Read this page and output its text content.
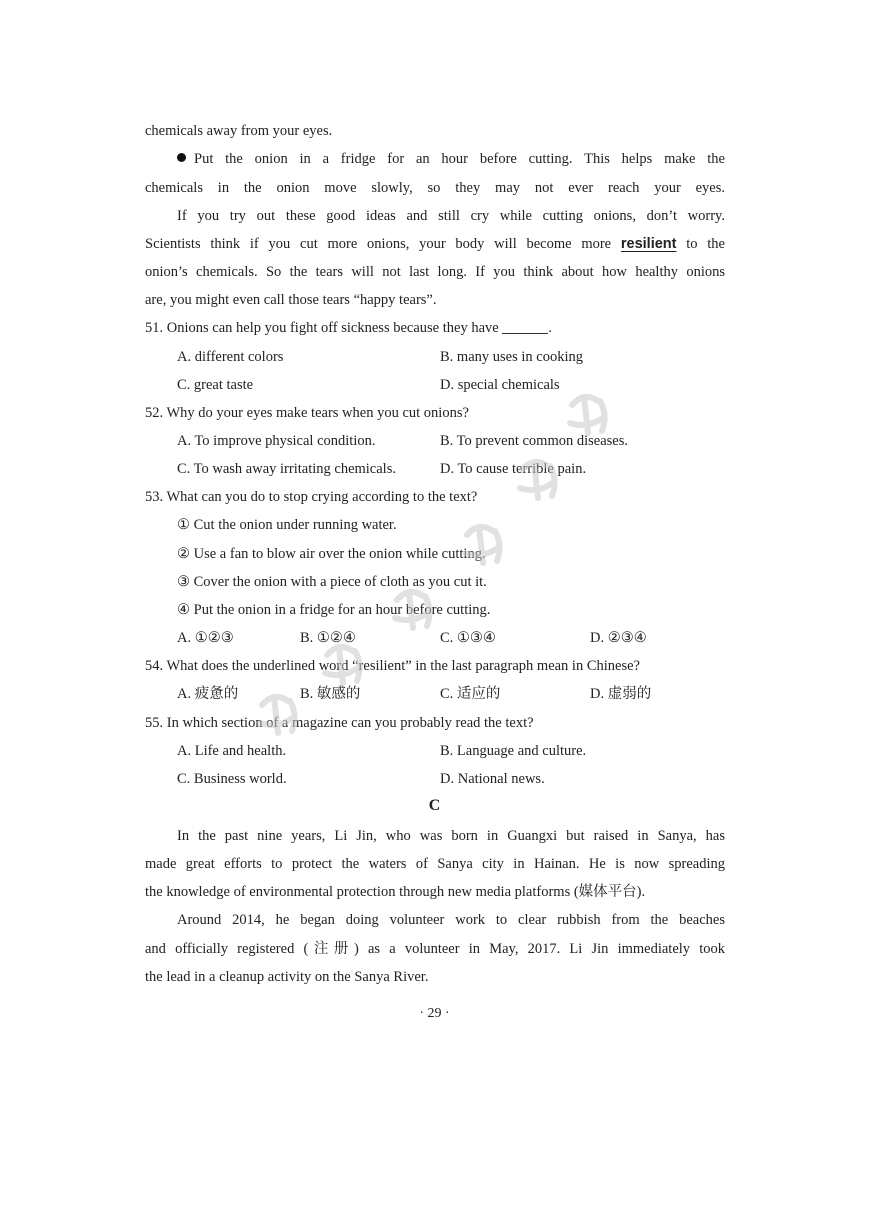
chemicals away from your eyes.
Put the onion in a fridge for an hour before cutting. This helps make the
chemicals in the onion move slowly, so they may not ever reach your eyes.
If you try out these good ideas and still cry while cutting onions, don’t worry.
Scientists think if you cut more onions, your body will become more resilient to the
onion’s chemicals. So the tears will not last long. If you think about how healthy onions
are, you might even call those tears “happy tears”.
51. Onions can help you fight off sickness because they have	.
A. different colors	B. many uses in cooking
C. great taste	D. special chemicals
52. Why do your eyes make tears when you cut onions?
A. To improve physical condition.	B. To prevent common diseases.
C. To wash away irritating chemicals.	D. To cause terrible pain.
53. What can you do to stop crying according to the text?
① Cut the onion under running water.
② Use a fan to blow air over the onion while cutting.
③ Cover the onion with a piece of cloth as you cut it.
④ Put the onion in a fridge for an hour before cutting.
A. ①②③	B. ①②④	C. ①③④	D. ②③④
54. What does the underlined word “resilient” in the last paragraph mean in Chinese?
A. 疲惫的	B. 敏感的	C. 适应的	D. 虚弱的
55. In which section of a magazine can you probably read the text?
A. Life and health.	B. Language and culture.
C. Business world.	D. National news.
C
In the past nine years, Li Jin, who was born in Guangxi but raised in Sanya, has
made great efforts to protect the waters of Sanya city in Hainan. He is now spreading
the knowledge of environmental protection through new media platforms (媒体平台).
Around 2014, he began doing volunteer work to clear rubbish from the beaches
and officially registered (注册) as a volunteer in May, 2017. Li Jin immediately took
the lead in a cleanup activity on the Sanya River.
· 29 ·
